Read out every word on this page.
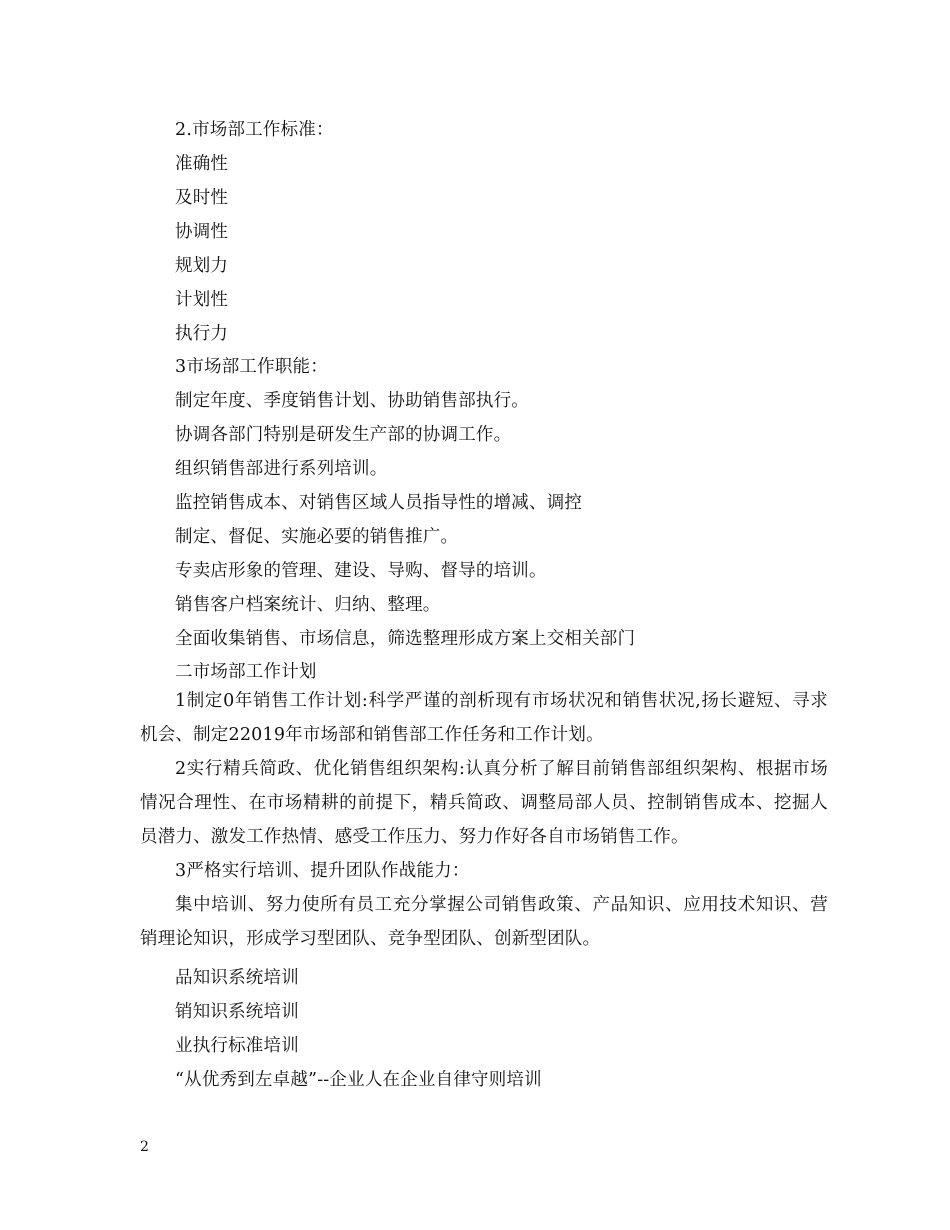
2.市场部工作标准：
准确性
及时性
协调性
规划力
计划性
执行力
3市场部工作职能：
制定年度、季度销售计划、协助销售部执行。
协调各部门特别是研发生产部的协调工作。
组织销售部进行系列培训。
监控销售成本、对销售区域人员指导性的增减、调控
制定、督促、实施必要的销售推广。
专卖店形象的管理、建设、导购、督导的培训。
销售客户档案统计、归纳、整理。
全面收集销售、市场信息，筛选整理形成方案上交相关部门
二市场部工作计划
1制定0年销售工作计划:科学严谨的剖析现有市场状况和销售状况,扬长避短、寻求机会、制定22019年市场部和销售部工作任务和工作计划。
2实行精兵简政、优化销售组织架构:认真分析了解目前销售部组织架构、根据市场情况合理性、在市场精耕的前提下，精兵简政、调整局部人员、控制销售成本、挖掘人员潜力、激发工作热情、感受工作压力、努力作好各自市场销售工作。
3严格实行培训、提升团队作战能力：
集中培训、努力使所有员工充分掌握公司销售政策、产品知识、应用技术知识、营销理论知识，形成学习型团队、竞争型团队、创新型团队。
品知识系统培训
销知识系统培训
业执行标准培训
“从优秀到左卓越”--企业人在企业自律守则培训
2
